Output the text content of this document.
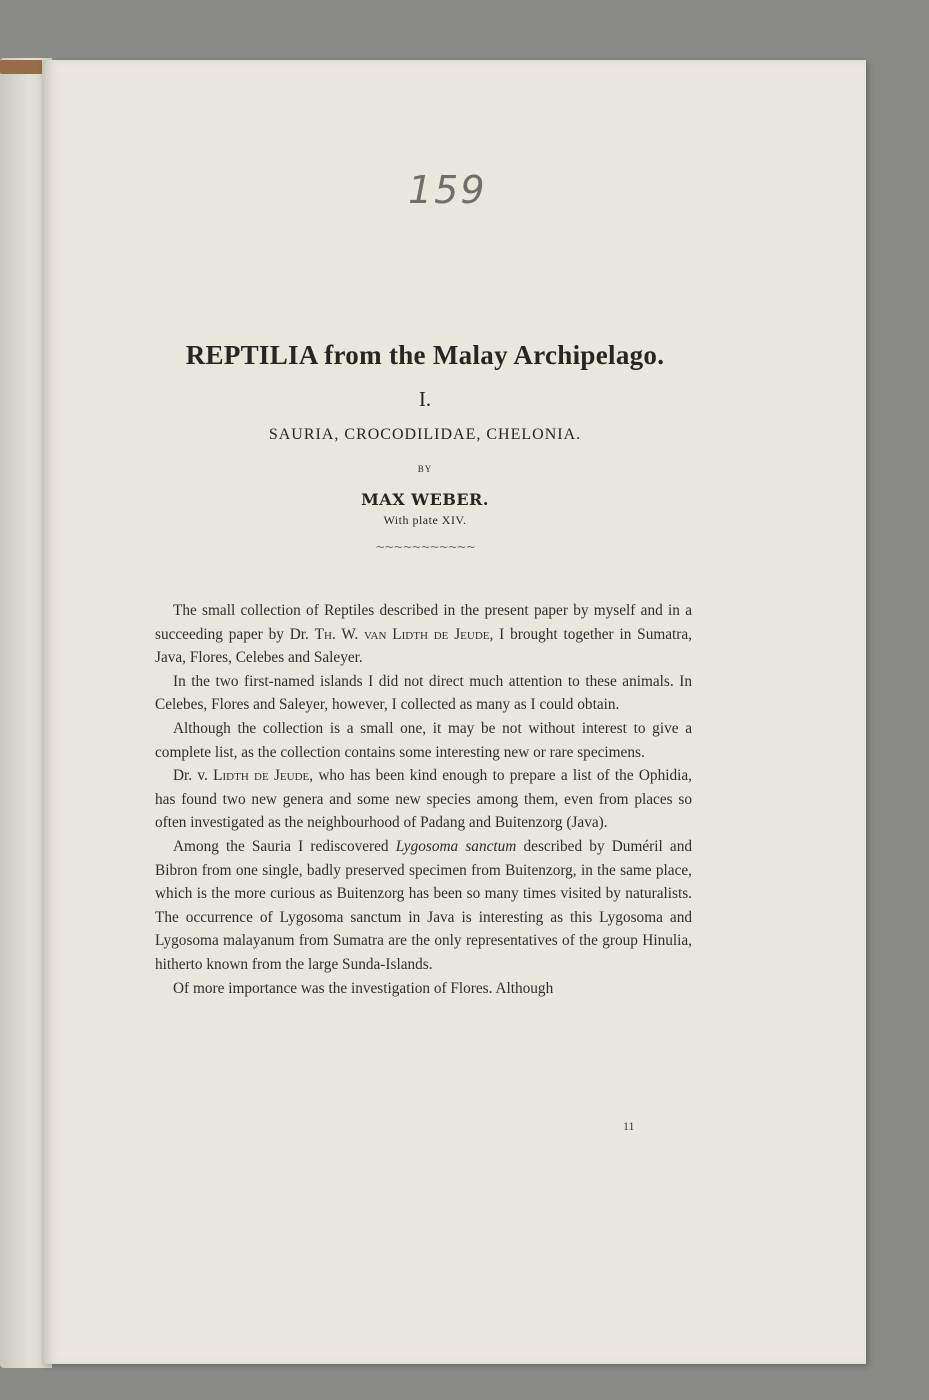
159
REPTILIA from the Malay Archipelago.
I.
SAURIA, CROCODILIDAE, CHELONIA.
BY
MAX WEBER.
With plate XIV.
~~~~~~~~~~~

The small collection of Reptiles described in the present paper by myself and in a succeeding paper by Dr. Th. W. van Lidth de Jeude, I brought together in Sumatra, Java, Flores, Celebes and Saleyer.

In the two first-named islands I did not direct much attention to these animals. In Celebes, Flores and Saleyer, however, I collected as many as I could obtain.

Although the collection is a small one, it may be not without interest to give a complete list, as the collection contains some interesting new or rare specimens.

Dr. v. Lidth de Jeude, who has been kind enough to prepare a list of the Ophidia, has found two new genera and some new species among them, even from places so often investigated as the neighbourhood of Padang and Buitenzorg (Java).

Among the Sauria I rediscovered Lygosoma sanctum described by Duméril and Bibron from one single, badly preserved specimen from Buitenzorg, in the same place, which is the more curious as Buitenzorg has been so many times visited by naturalists. The occurrence of Lygosoma sanctum in Java is interesting as this Lygosoma and Lygosoma malayanum from Sumatra are the only representatives of the group Hinulia, hitherto known from the large Sunda-Islands.

Of more importance was the investigation of Flores. Although

11
